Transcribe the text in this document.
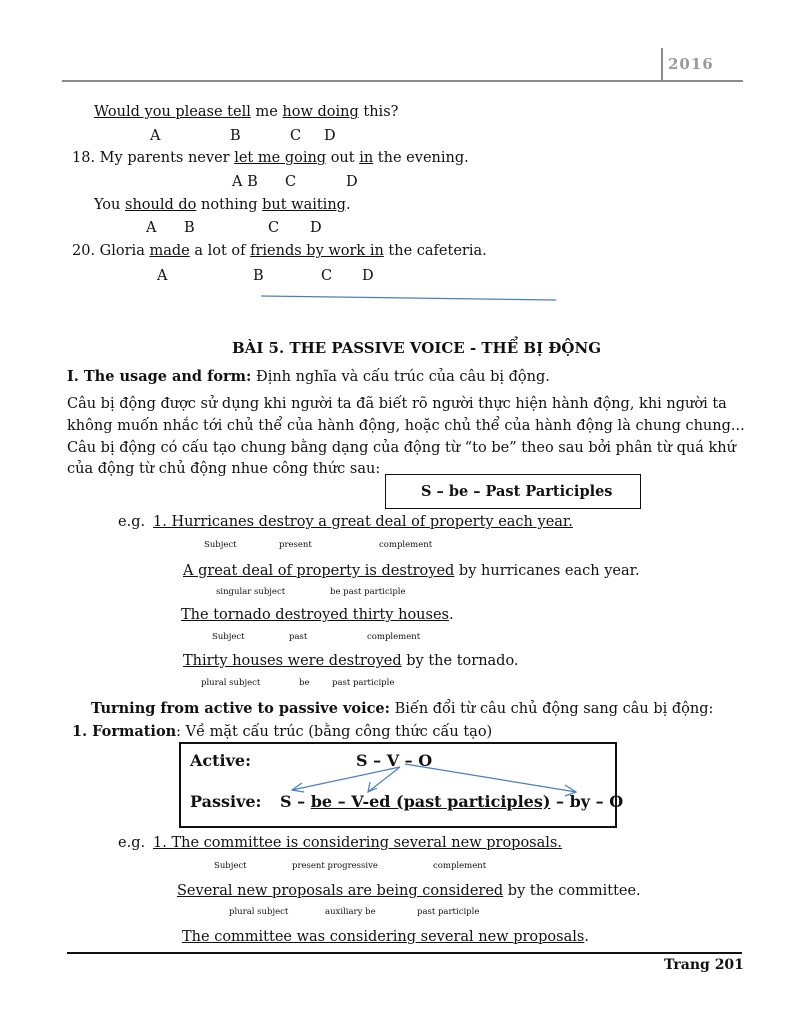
2016
Would you please tell me how doing this?
A	B	C D
18. My parents never let me going out in the evening.
A B C	D
You should do nothing but waiting.
A B	C D
20. Gloria made a lot of friends by work in the cafeteria.
A	B	C D
BÀI 5. THE PASSIVE VOICE - THỂ BỊ ĐỘNG
I. The usage and form: Định nghĩa và cấu trúc của câu bị động.
Câu bị động được sử dụng khi người ta đã biết rõ người thực hiện hành động, khi người ta
không muốn nhắc tới chủ thể của hành động, hoặc chủ thể của hành động là chung chung...
Câu bị động có cấu tạo chung bằng dạng của động từ “to be” theo sau bởi phân từ quá khứ
của động từ chủ động nhue công thức sau:
S – be – Past Participles
e.g. 1. Hurricanes destroy a great deal of property each year.
Subject	present	complement
A great deal of property is destroyed by hurricanes each year.
singular subject	be past participle
The tornado destroyed thirty houses.
Subject	past	complement
Thirty houses were destroyed by the tornado.
plural subject	be	past participle
Turning from active to passive voice: Biến đổi từ câu chủ động sang câu bị động:
1. Formation: Về mặt cấu trúc (bằng công thức cấu tạo)
Active:	S – V – O
Passive: S – be – V-ed (past participles) – by – O
e.g. 1. The committee is considering several new proposals.
Subject	present progressive	complement
Several new proposals are being considered by the committee.
plural subject	auxiliary be	past participle
The committee was considering several new proposals.
Trang 201
